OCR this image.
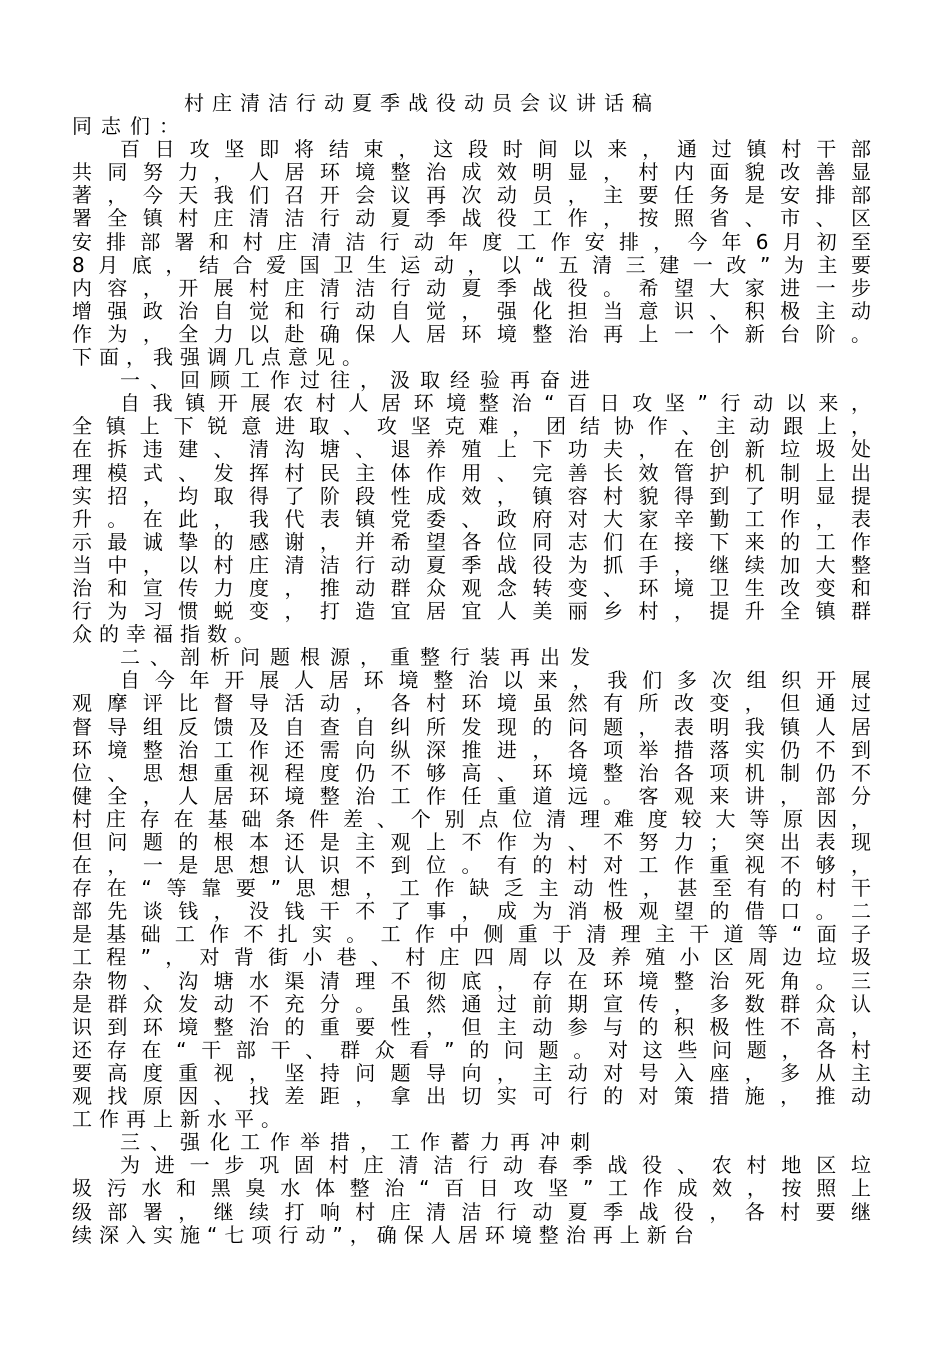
村庄清洁行动夏季战役动员会议讲话稿
同志们：
百日攻坚即将结束，这段时间以来，通过镇村干部
共同努力，人居环境整治成效明显，村内面貌改善显
著，今天我们召开会议再次动员，主要任务是安排部
署全镇村庄清洁行动夏季战役工作，按照省、市、区
安排部署和村庄清洁行动年度工作安排，今年6月初至
8月底，结合爱国卫生运动，以“五清三建一改”为主要
内容，开展村庄清洁行动夏季战役。希望大家进一步
增强政治自觉和行动自觉，强化担当意识、积极主动
作为，全力以赴确保人居环境整治再上一个新台阶。
下面，我强调几点意见。
一、回顾工作过往，汲取经验再奋进
自我镇开展农村人居环境整治“百日攻坚”行动以来，
全镇上下锐意进取、攻坚克难，团结协作、主动跟上，
在拆违建、清沟塘、退养殖上下功夫，在创新垃圾处
理模式、发挥村民主体作用、完善长效管护机制上出
实招，均取得了阶段性成效，镇容村貌得到了明显提
升。在此，我代表镇党委、政府对大家辛勤工作，表
示最诚挚的感谢，并希望各位同志们在接下来的工作
当中，以村庄清洁行动夏季战役为抓手，继续加大整
治和宣传力度，推动群众观念转变、环境卫生改变和
行为习惯蜕变，打造宜居宜人美丽乡村，提升全镇群
众的幸福指数。
二、剖析问题根源，重整行装再出发
自今年开展人居环境整治以来，我们多次组织开展
观摩评比督导活动，各村环境虽然有所改变，但通过
督导组反馈及自查自纠所发现的问题，表明我镇人居
环境整治工作还需向纵深推进，各项举措落实仍不到
位、思想重视程度仍不够高、环境整治各项机制仍不
健全，人居环境整治工作任重道远。客观来讲，部分
村庄存在基础条件差、个别点位清理难度较大等原因，
但问题的根本还是主观上不作为、不努力；突出表现
在，一是思想认识不到位。有的村对工作重视不够，
存在“等靠要”思想，工作缺乏主动性，甚至有的村干
部先谈钱，没钱干不了事，成为消极观望的借口。二
是基础工作不扎实。工作中侧重于清理主干道等“面子
工程”，对背街小巷、村庄四周以及养殖小区周边垃圾
杂物、沟塘水渠清理不彻底，存在环境整治死角。三
是群众发动不充分。虽然通过前期宣传，多数群众认
识到环境整治的重要性，但主动参与的积极性不高，
还存在“干部干、群众看”的问题。对这些问题，各村
要高度重视，坚持问题导向，主动对号入座，多从主
观找原因、找差距，拿出切实可行的对策措施，推动
工作再上新水平。
三、强化工作举措，工作蓄力再冲刺
为进一步巩固村庄清洁行动春季战役、农村地区垃
圾污水和黑臭水体整治“百日攻坚”工作成效，按照上
级部署，继续打响村庄清洁行动夏季战役，各村要继
续深入实施“七项行动”，确保人居环境整治再上新台
